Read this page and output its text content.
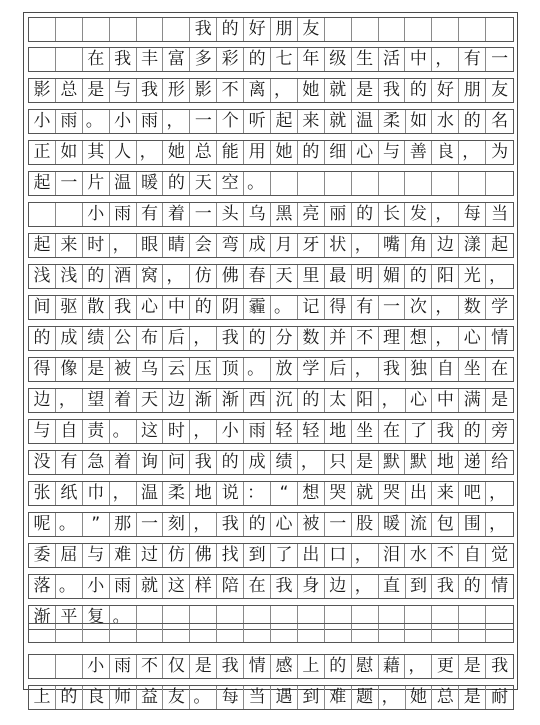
我 的 好 朋 友
在 我 丰 富 多 彩 的 七 年 级 生 活 中 ， 有 一
影 总 是 与 我 形 影 不 离 ， 她 就 是 我 的 好 朋 友
小 雨 。 小 雨 ， 一 个 听 起 来 就 温 柔 如 水 的 名
正 如 其 人 ， 她 总 能 用 她 的 细 心 与 善 良 ， 为
起 一 片 温 暖 的 天 空 。
小 雨 有 着 一 头 乌 黑 亮 丽 的 长 发 ， 每 当
起 来 时 ， 眼 睛 会 弯 成 月 牙 状 ， 嘴 角 边 漾 起
浅 浅 的 酒 窝 ， 仿 佛 春 天 里 最 明 媚 的 阳 光 ，
间 驱 散 我 心 中 的 阴 霾 。 记 得 有 一 次 ， 数 学
的 成 绩 公 布 后 ， 我 的 分 数 并 不 理 想 ， 心 情
得 像 是 被 乌 云 压 顶 。 放 学 后 ， 我 独 自 坐 在
边 ， 望 着 天 边 渐 渐 西 沉 的 太 阳 ， 心 中 满 是
与 自 责 。 这 时 ， 小 雨 轻 轻 地 坐 在 了 我 的 旁
没 有 急 着 询 问 我 的 成 绩 ， 只 是 默 默 地 递 给
张 纸 巾 ， 温 柔 地 说 ： “ 想 哭 就 哭 出 来 吧 ，
呢 。 ” 那 一 刻 ， 我 的 心 被 一 股 暖 流 包 围 ，
委 屈 与 难 过 仿 佛 找 到 了 出 口 ， 泪 水 不 自 觉
落 。 小 雨 就 这 样 陪 在 我 身 边 ， 直 到 我 的 情
渐 平 复 。
小 雨 不 仅 是 我 情 感 上 的 慰 藉 ， 更 是 我
上 的 良 师 益 友 。 每 当 遇 到 难 题 ， 她 总 是 耐
